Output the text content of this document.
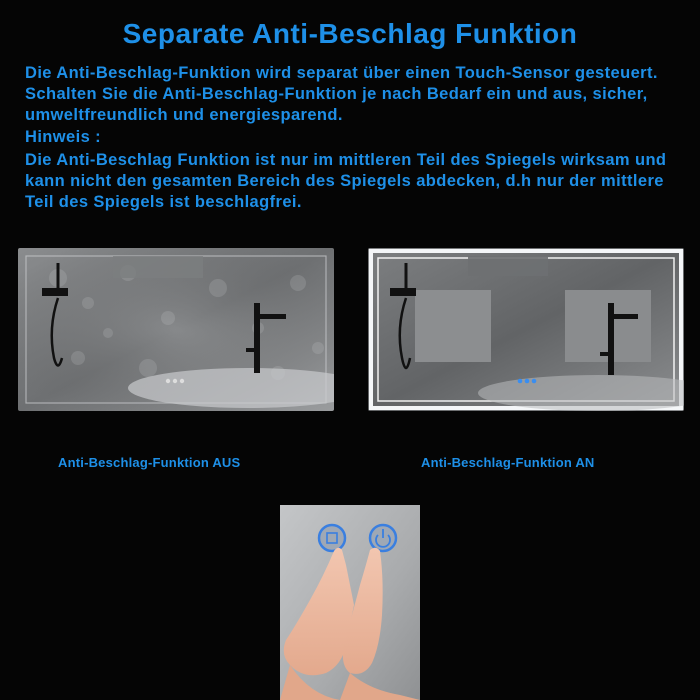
Separate Anti-Beschlag Funktion

Die Anti-Beschlag-Funktion wird separat über einen Touch-Sensor gesteuert. Schalten Sie die Anti-Beschlag-Funktion je nach Bedarf ein und aus, sicher, umweltfreundlich und energiesparend.

Hinweis :

Die Anti-Beschlag Funktion ist nur im mittleren Teil des Spiegels wirksam und kann nicht den gesamten Bereich des Spiegels abdecken, d.h nur der mittlere Teil des Spiegels ist beschlagfrei.

Anti-Beschlag-Funktion AUS	Anti-Beschlag-Funktion AN
